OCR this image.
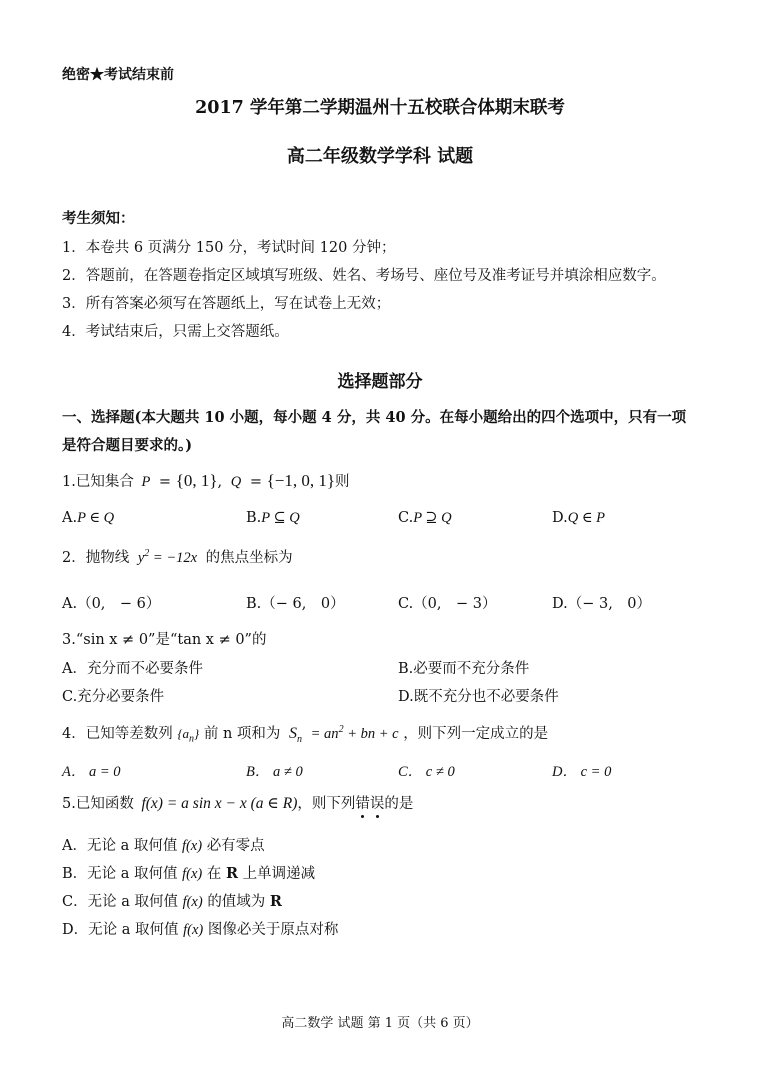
绝密★考试结束前
2017 学年第二学期温州十五校联合体期末联考
高二年级数学学科 试题
考生须知：
1．本卷共 6 页满分 150 分，考试时间 120 分钟；
2．答题前，在答题卷指定区域填写班级、姓名、考场号、座位号及准考证号并填涂相应数字。
3．所有答案必须写在答题纸上，写在试卷上无效；
4．考试结束后，只需上交答题纸。
选择题部分
一、选择题(本大题共 10 小题，每小题 4 分，共 40 分。在每小题给出的四个选项中，只有一项
是符合题目要求的。)
1.已知集合 P = {0, 1}, Q = {−1, 0, 1}则
A.P ∈ Q	B.P ⊆ Q	C.P ⊇ Q	D.Q ∈ P
2．抛物线 $y^2 = -12x$ 的焦点坐标为
A.（0,　− 6）	B.（− 6,　0）	C.（0,　− 3）	D.（− 3,　0）
3.“sin x ≠ 0”是“tan x ≠ 0”的
A．充分而不必要条件	B.必要而不充分条件
C.充分必要条件	D.既不充分也不必要条件
4．已知等差数列 $\{a_n\}$ 前 n 项和为 $S_n = an^2$ + bn + c ，则下列一定成立的是
A． a = 0	B． a ≠ 0	C． c ≠ 0	D． c = 0
5.已知函数 f(x) = a sin x − x (a ∈ R)，则下列错误的是
A．无论 a 取何值 f(x) 必有零点
B．无论 a 取何值 f(x) 在 R 上单调递减
C．无论 a 取何值 f(x) 的值域为 R
D．无论 a 取何值 f(x) 图像必关于原点对称
高二数学 试题 第 1 页（共 6 页）
